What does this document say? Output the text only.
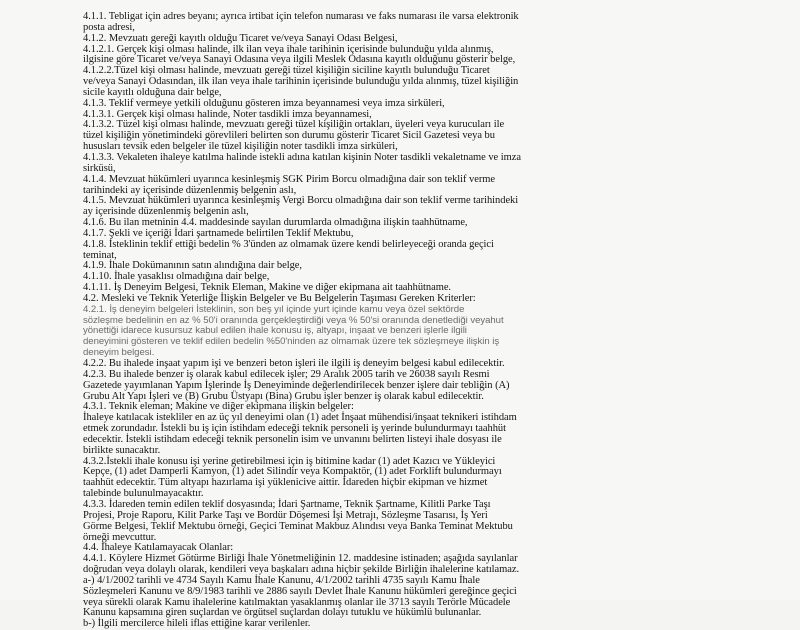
4.1.1. Tebligat için adres beyanı; ayrıca irtibat için telefon numarası ve faks numarası ile varsa elektronik
posta adresi,
4.1.2. Mevzuatı gereği kayıtlı olduğu Ticaret ve/veya Sanayi Odası Belgesi,
4.1.2.1. Gerçek kişi olması halinde, ilk ilan veya ihale tarihinin içerisinde bulunduğu yılda alınmış,
ilgisine göre Ticaret ve/veya Sanayi Odasına veya ilgili Meslek Odasına kayıtlı olduğunu gösterir belge,
4.1.2.2.Tüzel kişi olması halinde, mevzuatı gereği tüzel kişiliğin siciline kayıtlı bulunduğu Ticaret
ve/veya Sanayi Odasından, ilk ilan veya ihale tarihinin içerisinde bulunduğu yılda alınmış, tüzel kişiliğin
sicile kayıtlı olduğuna dair belge,
4.1.3. Teklif vermeye yetkili olduğunu gösteren imza beyannamesi veya imza sirküleri,
4.1.3.1. Gerçek kişi olması halinde, Noter tasdikli imza beyannamesi,
4.1.3.2. Tüzel kişi olması halinde, mevzuatı gereği tüzel kişiliğin ortakları, üyeleri veya kurucuları ile
tüzel kişiliğin yönetimindeki görevlileri belirten son durumu gösterir Ticaret Sicil Gazetesi veya bu
hususları tevsik eden belgeler ile tüzel kişiliğin noter tasdikli imza sirküleri,
4.1.3.3. Vekaleten ihaleye katılma halinde istekli adına katılan kişinin Noter tasdikli vekaletname ve imza
sirküsü,
4.1.4. Mevzuat hükümleri uyarınca kesinleşmiş SGK Pirim Borcu olmadığına dair son teklif verme
tarihindeki ay içerisinde düzenlenmiş belgenin aslı,
4.1.5. Mevzuat hükümleri uyarınca kesinleşmiş Vergi Borcu olmadığına dair son teklif verme tarihindeki
ay içerisinde düzenlenmiş belgenin aslı,
4.1.6. Bu ilan metninin 4.4. maddesinde sayılan durumlarda olmadığına ilişkin taahhütname,
4.1.7. Şekli ve içeriği İdari şartnamede belirtilen Teklif Mektubu,
4.1.8. İsteklinin teklif ettiği bedelin % 3'ünden az olmamak üzere kendi belirleyeceği oranda geçici
teminat,
4.1.9. İhale Dokümanının satın alındığına dair belge,
4.1.10. İhale yasaklısı olmadığına dair belge,
4.1.11. İş Deneyim Belgesi, Teknik Eleman, Makine ve diğer ekipmana ait taahhütname.
4.2. Mesleki ve Teknik Yeterliğe İlişkin Belgeler ve Bu Belgelerin Taşıması Gereken Kriterler:
4.2.1. İş deneyim belgeleri İsteklinin, son beş yıl içinde yurt içinde kamu veya özel sektörde
sözleşme bedelinin en az % 50'i oranında gerçekleştirdiği veya % 50'si oranında denetlediği veyahut
yönettiği idarece kusursuz kabul edilen ihale konusu iş, altyapı, inşaat ve benzeri işlerle ilgili
deneyimini gösteren ve teklif edilen bedelin %50'ninden az olmamak üzere tek sözleşmeye ilişkin iş
deneyim belgesi.
4.2.2. Bu ihalede inşaat yapım işi ve benzeri beton işleri ile ilgili iş deneyim belgesi kabul edilecektir.
4.2.3. Bu ihalede benzer iş olarak kabul edilecek işler; 29 Aralık 2005 tarih ve 26038 sayılı Resmi
Gazetede yayımlanan Yapım İşlerinde İş Deneyiminde değerlendirilecek benzer işlere dair tebliğin (A)
Grubu Alt Yapı İşleri ve (B) Grubu Üstyapı (Bina) Grubu işler benzer iş olarak kabul edilecektir.
4.3.1. Teknik eleman; Makine ve diğer ekipmana ilişkin belgeler:
İhaleye katılacak istekliler en az üç yıl deneyimi olan (1) adet İnşaat mühendisi/inşaat teknikeri istihdam
etmek zorundadır. İstekli bu iş için istihdam edeceği teknik personeli iş yerinde bulundurmayı taahhüt
edecektir. İstekli istihdam edeceği teknik personelin isim ve unvanını belirten listeyi ihale dosyası ile
birlikte sunacaktır.
4.3.2.İstekli ihale konusu işi yerine getirebilmesi için iş bitimine kadar (1) adet Kazıcı ve Yükleyici
Kepçe, (1) adet Damperli Kamyon, (1) adet Silindir veya Kompaktör, (1) adet Forklift bulundurmayı
taahhüt edecektir. Tüm altyapı hazırlama işi yüklenicive aittir. İdareden hiçbir ekipman ve hizmet
talebinde bulunulmayacaktır.
4.3.3. İdareden temin edilen teklif dosyasında; İdari Şartname, Teknik Şartname, Kilitli Parke Taşı
Projesi, Proje Raporu, Kilit Parke Taşı ve Bordür Döşemesi İşi Metrajı, Sözleşme Tasarısı, İş Yeri
Görme Belgesi, Teklif Mektubu örneği, Geçici Teminat Makbuz Alındısı veya Banka Teminat Mektubu
örneği mevcuttur.
4.4. İhaleye Katılamayacak Olanlar:
4.4.1. Köylere Hizmet Götürme Birliği İhale Yönetmeliğinin 12. maddesine istinaden; aşağıda sayılanlar
doğrudan veya dolaylı olarak, kendileri veya başkaları adına hiçbir şekilde Birliğin ihalelerine katılamaz.
a-) 4/1/2002 tarihli ve 4734 Sayılı Kamu İhale Kanunu, 4/1/2002 tarihli 4735 sayılı Kamu İhale
Sözleşmeleri Kanunu ve 8/9/1983 tarihli ve 2886 sayılı Devlet İhale Kanunu hükümleri gereğince geçici
veya sürekli olarak Kamu ihalelerine katılmaktan yasaklanmış olanlar ile 3713 sayılı Terörle Mücadele
Kanunu kapsamına giren suçlardan ve örgütsel suçlardan dolayı tutuklu ve hükümlü bulunanlar.
b-) İlgili mercilerce hileli iflas ettiğine karar verilenler.
